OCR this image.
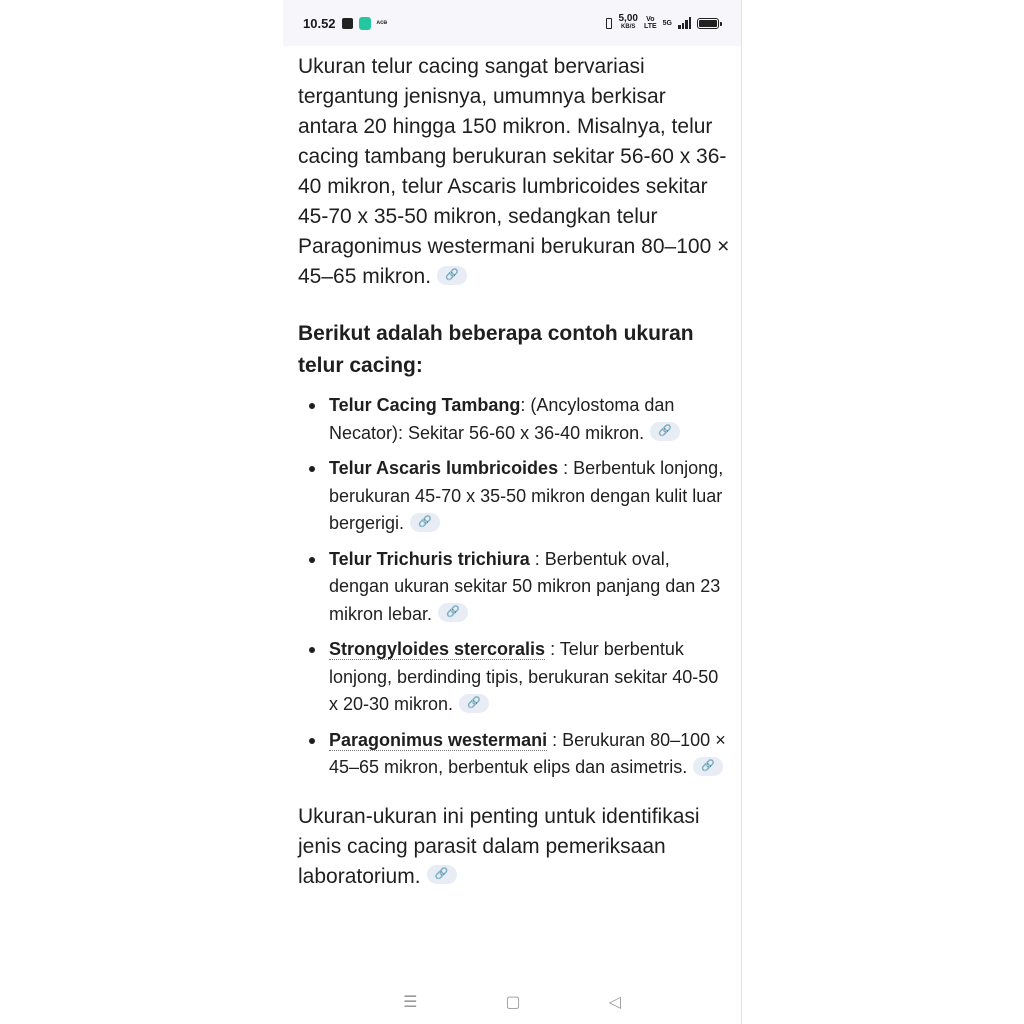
10.52	ᴀᴄᴃ	5,00
KB/S
Vo
LTE 5G

Ukuran telur cacing sangat bervariasi tergantung jenisnya, umumnya berkisar antara 20 hingga 150 mikron. Misalnya, telur cacing tambang berukuran sekitar 56-60 x 36-40 mikron, telur Ascaris lumbricoides sekitar 45-70 x 35-50 mikron, sedangkan telur Paragonimus westermani berukuran 80–100 × 45–65 mikron. 🔗

Berikut adalah beberapa contoh ukuran telur cacing:

Telur Cacing Tambang: (Ancylostoma dan Necator): Sekitar 56-60 x 36-40 mikron. 🔗
Telur Ascaris lumbricoides : Berbentuk lonjong, berukuran 45-70 x 35-50 mikron dengan kulit luar bergerigi. 🔗
Telur Trichuris trichiura : Berbentuk oval, dengan ukuran sekitar 50 mikron panjang dan 23 mikron lebar. 🔗
Strongyloides stercoralis : Telur berbentuk lonjong, berdinding tipis, berukuran sekitar 40-50 x 20-30 mikron. 🔗
Paragonimus westermani : Berukuran 80–100 × 45–65 mikron, berbentuk elips dan asimetris. 🔗

Ukuran-ukuran ini penting untuk identifikasi jenis cacing parasit dalam pemeriksaan laboratorium. 🔗

☰	▢	◁
